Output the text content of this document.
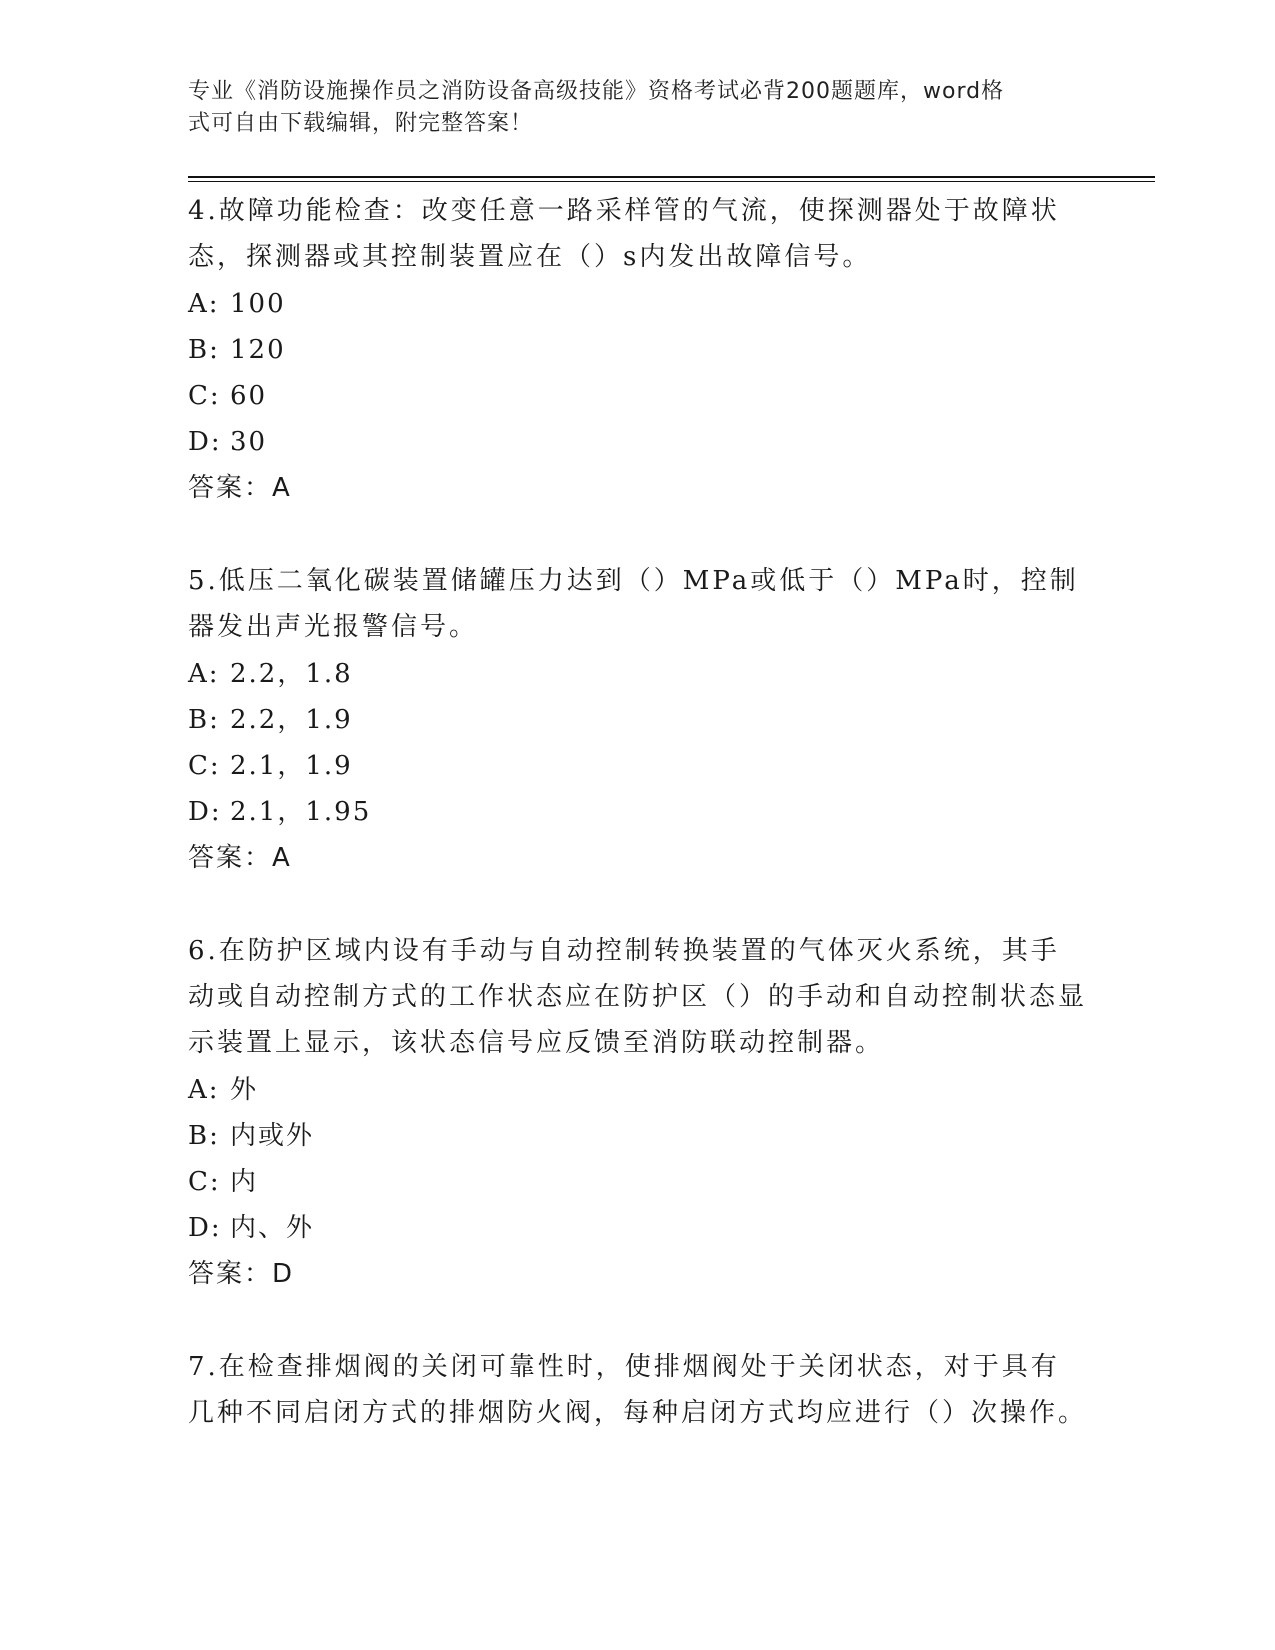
专业《消防设施操作员之消防设备高级技能》资格考试必背200题题库，word格
式可自由下载编辑，附完整答案！
4.故障功能检查：改变任意一路采样管的气流，使探测器处于故障状态，探测器或其控制装置应在（）s内发出故障信号。
A: 100
B: 120
C: 60
D: 30
答案：A
5.低压二氧化碳装置储罐压力达到（）MPa或低于（）MPa时，控制器发出声光报警信号。
A: 2.2，1.8
B: 2.2，1.9
C: 2.1，1.9
D: 2.1，1.95
答案：A
6.在防护区域内设有手动与自动控制转换装置的气体灭火系统，其手动或自动控制方式的工作状态应在防护区（）的手动和自动控制状态显示装置上显示，该状态信号应反馈至消防联动控制器。
A: 外
B: 内或外
C: 内
D: 内、外
答案：D
7.在检查排烟阀的关闭可靠性时，使排烟阀处于关闭状态，对于具有几种不同启闭方式的排烟防火阀，每种启闭方式均应进行（）次操作。
